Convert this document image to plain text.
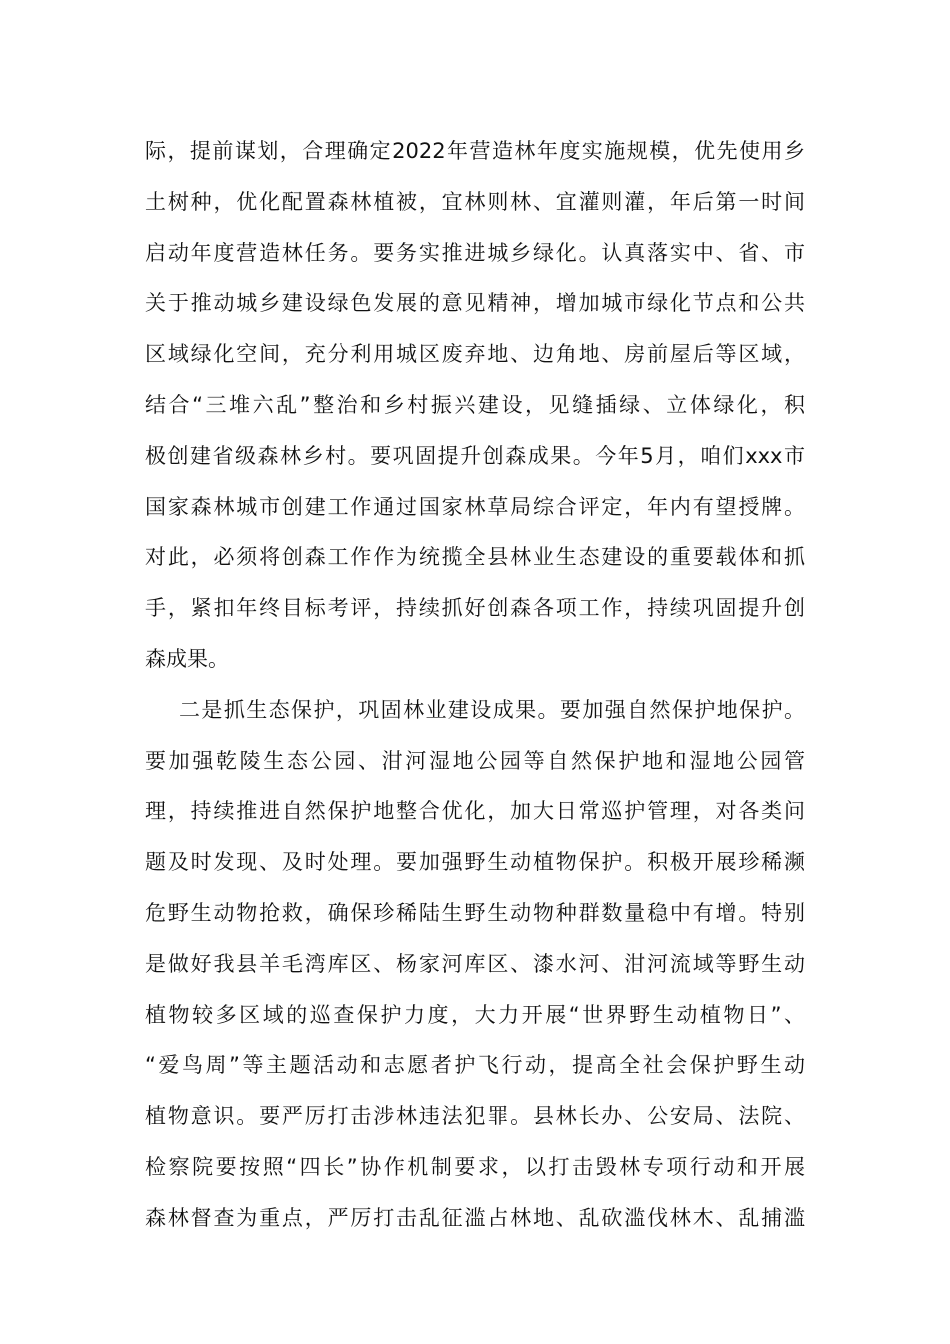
际，提前谋划，合理确定2022年营造林年度实施规模，优先使用乡
土树种，优化配置森林植被，宜林则林、宜灌则灌，年后第一时间
启动年度营造林任务。要务实推进城乡绿化。认真落实中、省、市
关于推动城乡建设绿色发展的意见精神，增加城市绿化节点和公共
区域绿化空间，充分利用城区废弃地、边角地、房前屋后等区域，
结合“三堆六乱”整治和乡村振兴建设，见缝插绿、立体绿化，积
极创建省级森林乡村。要巩固提升创森成果。今年5月，咱们xxx市
国家森林城市创建工作通过国家林草局综合评定，年内有望授牌。
对此，必须将创森工作作为统揽全县林业生态建设的重要载体和抓
手，紧扣年终目标考评，持续抓好创森各项工作，持续巩固提升创
森成果。
二是抓生态保护，巩固林业建设成果。要加强自然保护地保护。
要加强乾陵生态公园、泔河湿地公园等自然保护地和湿地公园管
理，持续推进自然保护地整合优化，加大日常巡护管理，对各类问
题及时发现、及时处理。要加强野生动植物保护。积极开展珍稀濒
危野生动物抢救，确保珍稀陆生野生动物种群数量稳中有增。特别
是做好我县羊毛湾库区、杨家河库区、漆水河、泔河流域等野生动
植物较多区域的巡查保护力度，大力开展“世界野生动植物日”、
“爱鸟周”等主题活动和志愿者护飞行动，提高全社会保护野生动
植物意识。要严厉打击涉林违法犯罪。县林长办、公安局、法院、
检察院要按照“四长”协作机制要求，以打击毁林专项行动和开展
森林督查为重点，严厉打击乱征滥占林地、乱砍滥伐林木、乱捕滥
